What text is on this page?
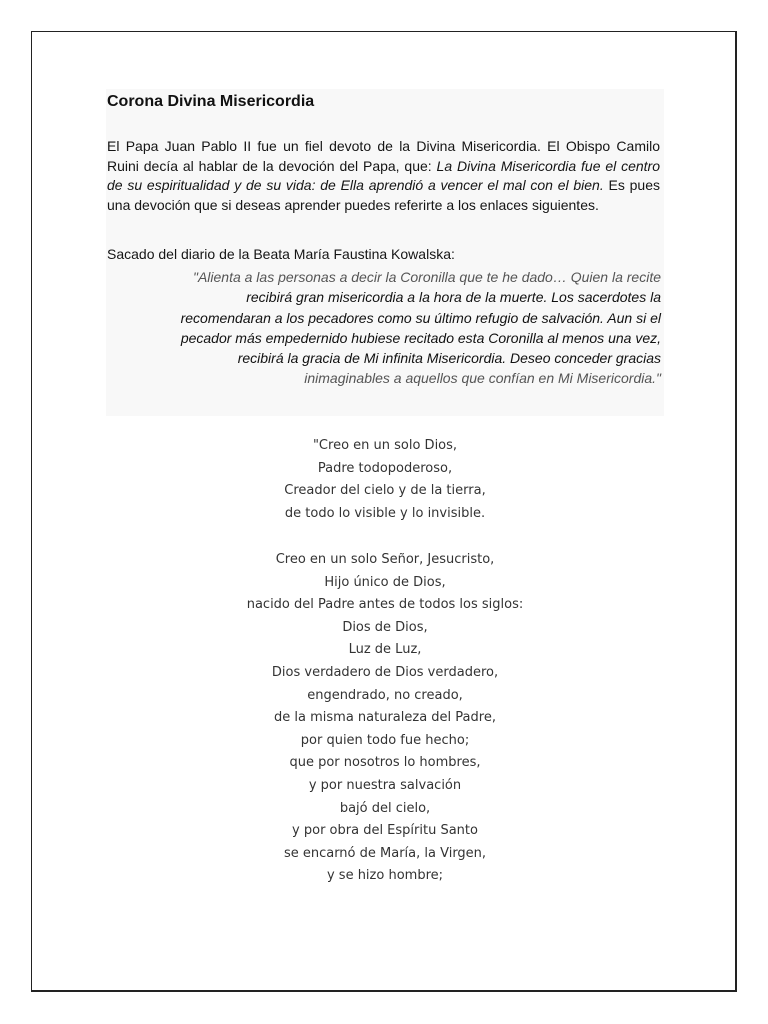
Corona Divina Misericordia

El Papa Juan Pablo II fue un fiel devoto de la Divina Misericordia. El Obispo Camilo Ruini decía al hablar de la devoción del Papa, que: La Divina Misericordia fue el centro de su espiritualidad y de su vida: de Ella aprendió a vencer el mal con el bien. Es pues una devoción que si deseas aprender puedes referirte a los enlaces siguientes.

Sacado del diario de la Beata María Faustina Kowalska:

"Alienta a las personas a decir la Coronilla que te he dado… Quien la recite
recibirá gran misericordia a la hora de la muerte. Los sacerdotes la
recomendaran a los pecadores como su último refugio de salvación. Aun si el
pecador más empedernido hubiese recitado esta Coronilla al menos una vez,
recibirá la gracia de Mi infinita Misericordia. Deseo conceder gracias
inimaginables a aquellos que confían en Mi Misericordia."

"Creo en un solo Dios,
Padre todopoderoso,
Creador del cielo y de la tierra,
de todo lo visible y lo invisible.
Creo en un solo Señor, Jesucristo,
Hijo único de Dios,
nacido del Padre antes de todos los siglos:
Dios de Dios,
Luz de Luz,
Dios verdadero de Dios verdadero,
engendrado, no creado,
de la misma naturaleza del Padre,
por quien todo fue hecho;
que por nosotros lo hombres,
y por nuestra salvación
bajó del cielo,
y por obra del Espíritu Santo
se encarnó de María, la Virgen,
y se hizo hombre;
